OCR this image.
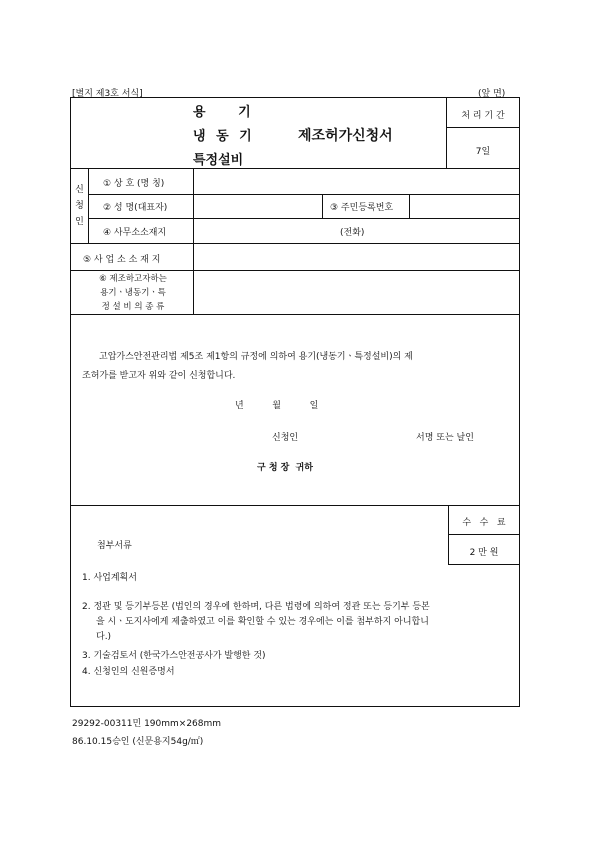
[별지 제3호 서식]	(앞 면)
용 기
냉 동 기
특정설비
제조허가신청서
처 리 기 간
7일
신
청
인
① 상 호 (명 칭)
② 성 명(대표자)	③ 주민등록번호
④ 사무소소재지	(전화)
⑤ 사 업 소 소 재 지
⑥ 제조하고자하는
용기ㆍ냉동기ㆍ특
정 설 비 의 종 류
고압가스안전관리법 제5조 제1항의 규정에 의하여 용기(냉동기ㆍ특정설비)의 제
조허가를 받고자 위와 같이 신청합니다.
년          월          일
신청인	서명 또는 날인
구 청 장  귀하
수   수   료
2 만 원
첨부서류
1. 사업계획서
2. 정관 및 등기부등본 (법인의 경우에 한하며, 다른 법령에 의하여 정관 또는 등기부 등본
을 시ㆍ도지사에게 제출하였고 이를 확인할 수 있는 경우에는 이를 첨부하지 아니합니
다.)
3. 기술검토서 (한국가스안전공사가 발행한 것)
4. 신청인의 신원증명서
29292-00311민 190mm×268mm
86.10.15승인 (신문용지54g/㎡)
